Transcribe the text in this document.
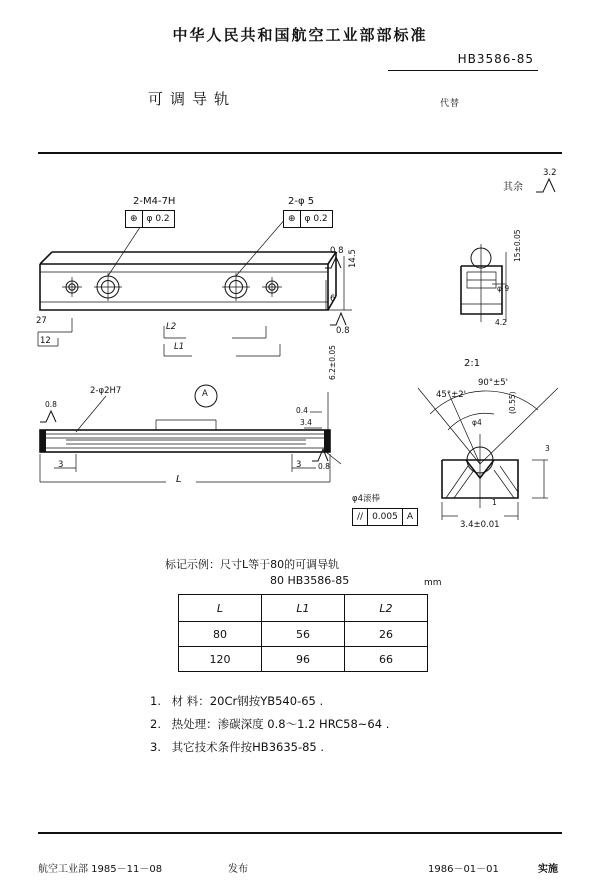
中华人民共和国航空工业部部标准
HB3586-85
可调导轨	代替
其余
3.2
2-M4-7H
⊕	φ 0.2
2-φ 5
⊕	φ 0.2
0.8 14.5
6
0.8
27
12
L2
L1
15±0.05
φ 9
4.2
2:1
2-φ2H7
0.8
A
0.4
3.4
6.2±0.05
0.8
3	3
L
φ4滚棒
//	0.005	A
90°±5'
45°±2'
φ4
(0.55)
3
1
3.4±0.01
标记示例：尺寸L等于80的可调导轨
80 HB3586-85	mm
L	L1	L2
80	56	26
120	96	66
1. 材 料：20Cr钢按YB540-65 .
2. 热处理：渗碳深度 0.8～1.2 HRC58~64 .
3. 其它技术条件按HB3635-85 .
航空工业部 1985－11－08	发布	1986－01－01	实施
